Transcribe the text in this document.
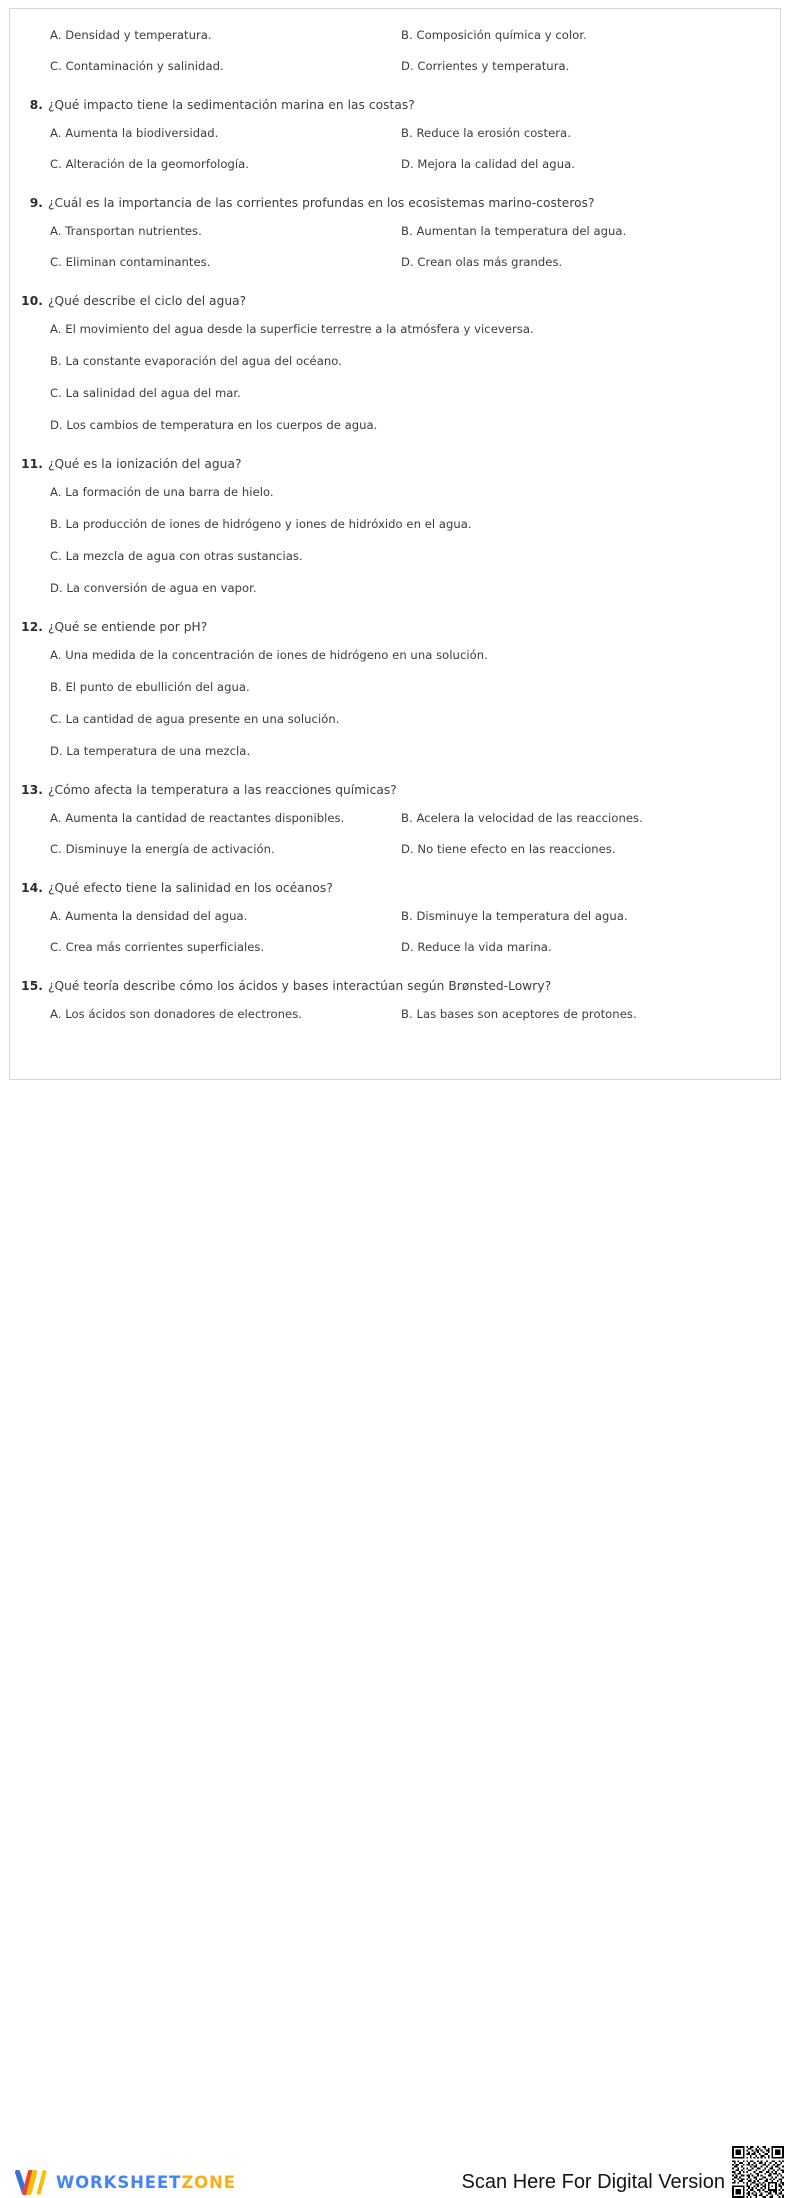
A. Densidad y temperatura.	B. Composición química y color.
C. Contaminación y salinidad.	D. Corrientes y temperatura.
8. ¿Qué impacto tiene la sedimentación marina en las costas?
A. Aumenta la biodiversidad.	B. Reduce la erosión costera.
C. Alteración de la geomorfología.	D. Mejora la calidad del agua.
9. ¿Cuál es la importancia de las corrientes profundas en los ecosistemas marino-costeros?
A. Transportan nutrientes.	B. Aumentan la temperatura del agua.
C. Eliminan contaminantes.	D. Crean olas más grandes.
10. ¿Qué describe el ciclo del agua?
A. El movimiento del agua desde la superficie terrestre a la atmósfera y viceversa.
B. La constante evaporación del agua del océano.
C. La salinidad del agua del mar.
D. Los cambios de temperatura en los cuerpos de agua.
11. ¿Qué es la ionización del agua?
A. La formación de una barra de hielo.
B. La producción de iones de hidrógeno y iones de hidróxido en el agua.
C. La mezcla de agua con otras sustancias.
D. La conversión de agua en vapor.
12. ¿Qué se entiende por pH?
A. Una medida de la concentración de iones de hidrógeno en una solución.
B. El punto de ebullición del agua.
C. La cantidad de agua presente en una solución.
D. La temperatura de una mezcla.
13. ¿Cómo afecta la temperatura a las reacciones químicas?
A. Aumenta la cantidad de reactantes disponibles.	B. Acelera la velocidad de las reacciones.
C. Disminuye la energía de activación.	D. No tiene efecto en las reacciones.
14. ¿Qué efecto tiene la salinidad en los océanos?
A. Aumenta la densidad del agua.	B. Disminuye la temperatura del agua.
C. Crea más corrientes superficiales.	D. Reduce la vida marina.
15. ¿Qué teoría describe cómo los ácidos y bases interactúan según Brønsted-Lowry?
A. Los ácidos son donadores de electrones.	B. Las bases son aceptores de protones.
WORKSHEETZONE	Scan Here For Digital Version
